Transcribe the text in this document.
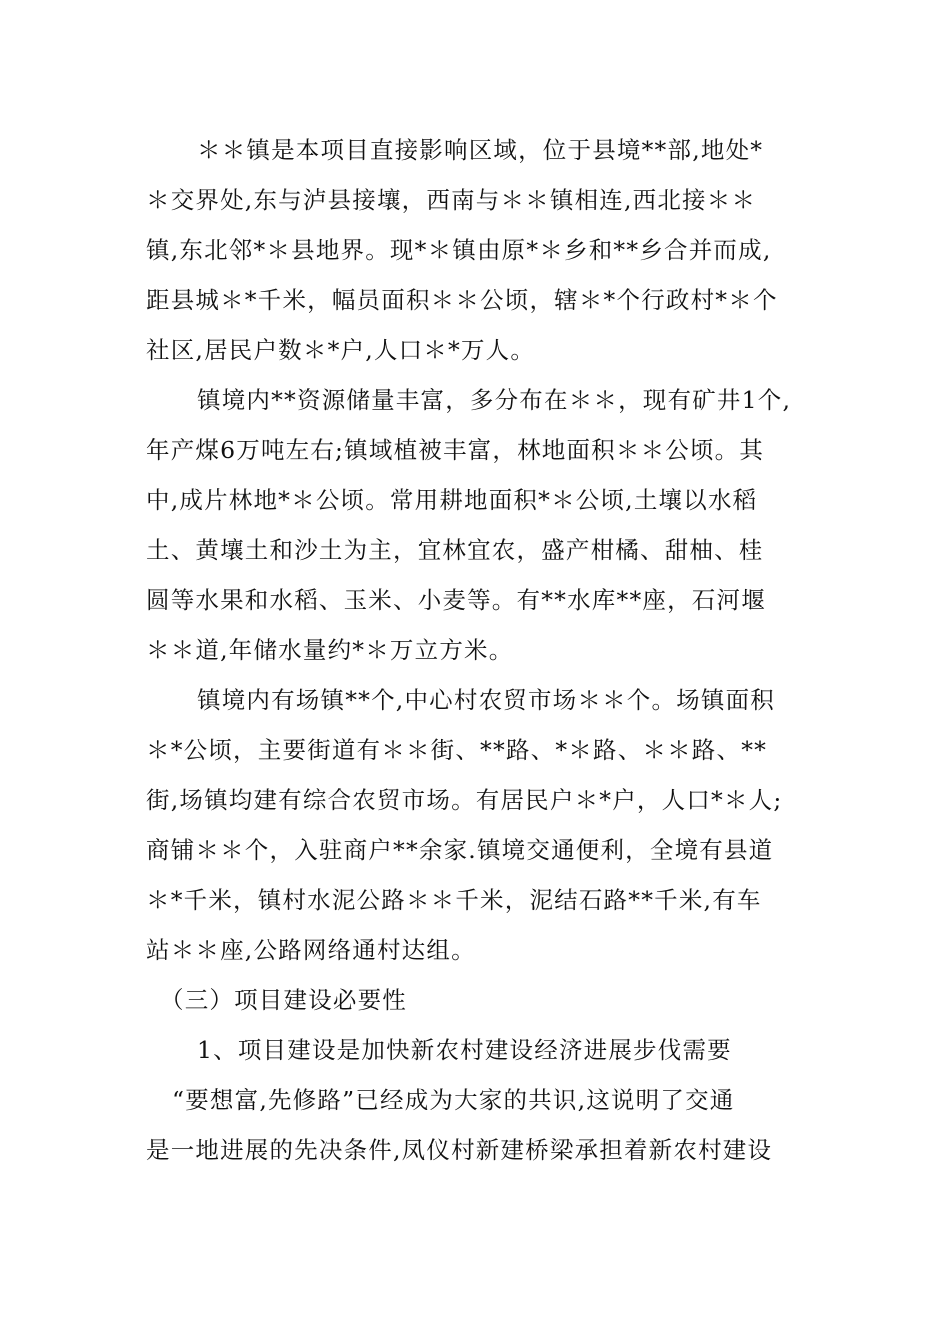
＊＊镇是本项目直接影响区域，位于县境**部,地处*
＊交界处,东与泸县接壤，西南与＊＊镇相连,西北接＊＊
镇,东北邻*＊县地界。现*＊镇由原*＊乡和**乡合并而成,
距县城＊*千米，幅员面积＊＊公顷，辖＊*个行政村*＊个
社区,居民户数＊*户,人口＊*万人。
镇境内**资源储量丰富，多分布在＊＊，现有矿井1个,
年产煤6万吨左右;镇域植被丰富，林地面积＊＊公顷。其
中,成片林地*＊公顷。常用耕地面积*＊公顷,土壤以水稻
土、黄壤土和沙土为主，宜林宜农，盛产柑橘、甜柚、桂
圆等水果和水稻、玉米、小麦等。有**水库**座，石河堰
＊＊道,年储水量约*＊万立方米。
镇境内有场镇**个,中心村农贸市场＊＊个。场镇面积
＊*公顷，主要街道有＊＊街、**路、*＊路、＊＊路、**
街,场镇均建有综合农贸市场。有居民户＊*户，人口*＊人;
商铺＊＊个，入驻商户**余家.镇境交通便利，全境有县道
＊*千米，镇村水泥公路＊＊千米，泥结石路**千米,有车
站＊＊座,公路网络通村达组。
（三）项目建设必要性
1、项目建设是加快新农村建设经济进展步伐需要
“要想富,先修路”已经成为大家的共识,这说明了交通
是一地进展的先决条件,凤仪村新建桥梁承担着新农村建设
